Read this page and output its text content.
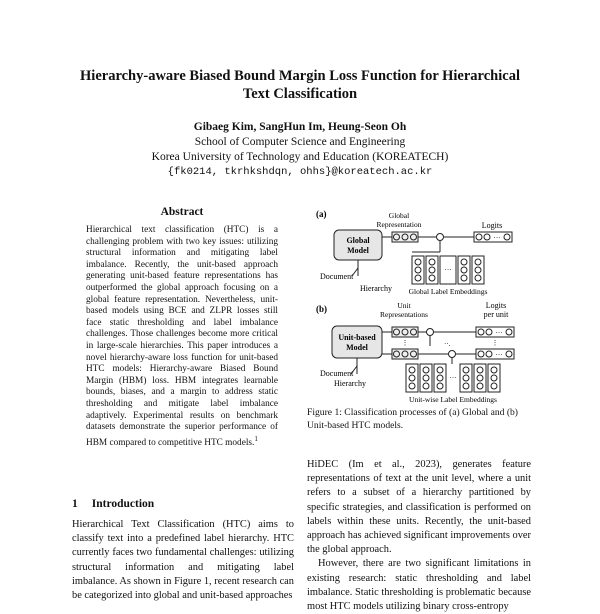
Hierarchy-aware Biased Bound Margin Loss Function for Hierarchical
Text Classification
Gibaeg Kim, SangHun Im, Heung-Seon Oh
School of Computer Science and Engineering
Korea University of Technology and Education (KOREATECH)
{fk0214, tkrhkshdqn, ohhs}@koreatech.ac.kr
Abstract
Hierarchical text classification (HTC) is a challenging problem with two key issues: utilizing structural information and mitigating label imbalance. Recently, the unit-based approach generating unit-based feature representations has outperformed the global approach focusing on a global feature representation. Nevertheless, unit-based models using BCE and ZLPR losses still face static thresholding and label imbalance challenges. Those challenges become more critical in large-scale hierarchies. This paper introduces a novel hierarchy-aware loss function for unit-based HTC models: Hierarchy-aware Biased Bound Margin (HBM) loss. HBM integrates learnable bounds, biases, and a margin to address static thresholding and mitigate label imbalance adaptively. Experimental results on benchmark datasets demonstrate the superior performance of HBM compared to competitive HTC models.$^1$
1 Introduction
Hierarchical Text Classification (HTC) aims to classify text into a predefined label hierarchy. HTC currently faces two fundamental challenges: utilizing structural information and mitigating label imbalance. As shown in Figure 1, recent research can be categorized into global and unit-based approaches
(a)	Global Representation	Logits
Global Model
···
Document
Hierarchy
···
Global Label Embeddings
(b)	Unit Representations
Logits per unit
Unit-based Model	⋮	··.
···
···
⋮
Document
Hierarchy
···
Unit-wise Label Embeddings
Figure 1: Classification processes of (a) Global and (b) Unit-based HTC models.

HiDEC (Im et al., 2023), generates feature representations of text at the unit level, where a unit refers to a subset of a hierarchy partitioned by specific strategies, and classification is performed on labels within these units. Recently, the unit-based approach has achieved significant improvements over the global approach.

However, there are two significant limitations in existing research: static thresholding and label imbalance. Static thresholding is problematic because most HTC models utilizing binary cross-entropy
